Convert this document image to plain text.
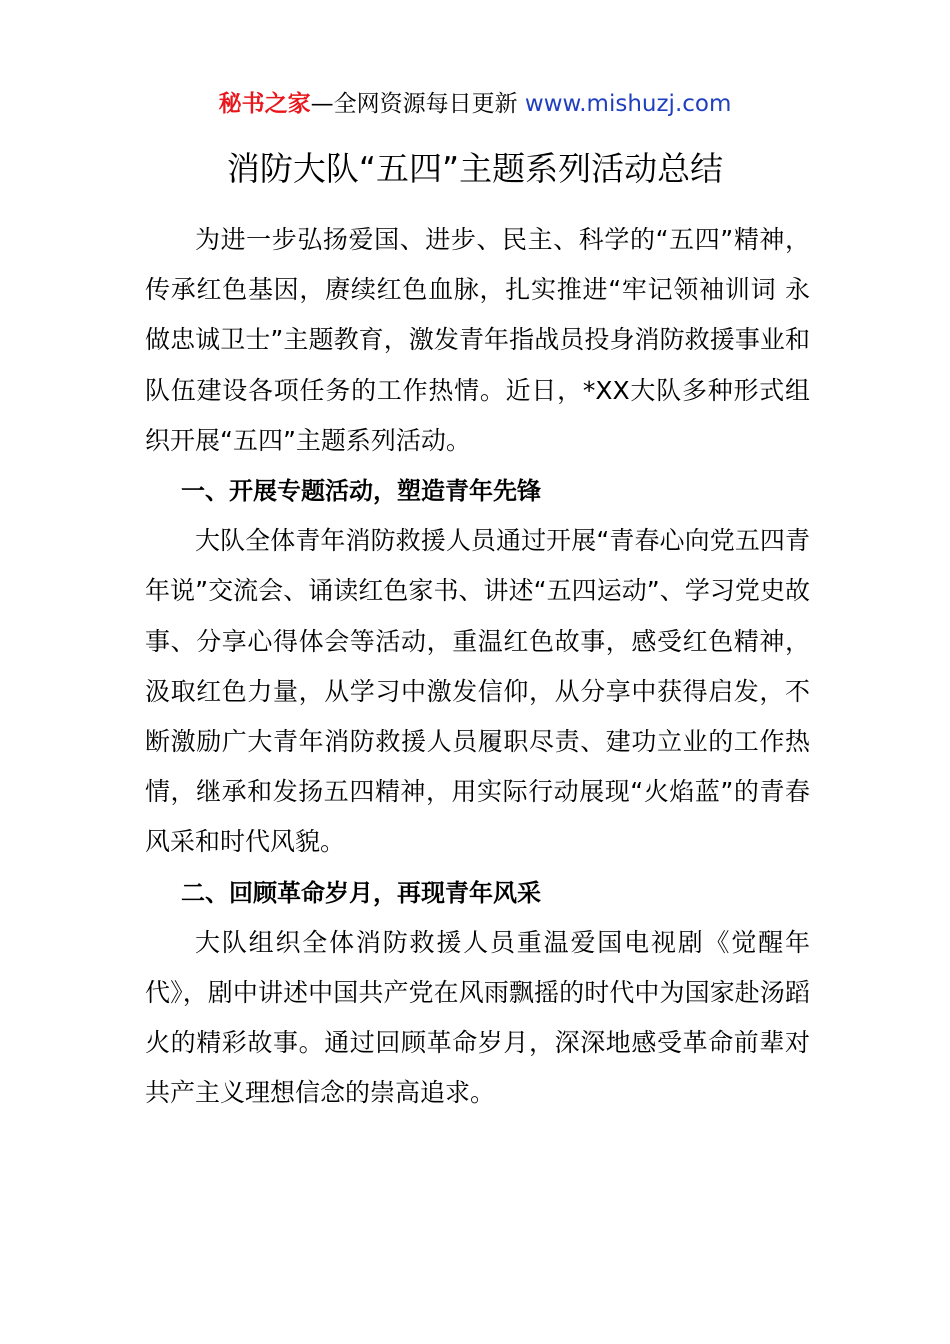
秘书之家—全网资源每日更新 www.mishuzj.com
消防大队“五四”主题系列活动总结

为进一步弘扬爱国、进步、民主、科学的“五四”精神，传承红色基因，赓续红色血脉，扎实推进“牢记领袖训词 永做忠诚卫士”主题教育，激发青年指战员投身消防救援事业和队伍建设各项任务的工作热情。近日，*XX大队多种形式组织开展“五四”主题系列活动。

一、开展专题活动，塑造青年先锋

大队全体青年消防救援人员通过开展“青春心向党五四青年说”交流会、诵读红色家书、讲述“五四运动”、学习党史故事、分享心得体会等活动，重温红色故事，感受红色精神，汲取红色力量，从学习中激发信仰，从分享中获得启发，不断激励广大青年消防救援人员履职尽责、建功立业的工作热情，继承和发扬五四精神，用实际行动展现“火焰蓝”的青春风采和时代风貌。

二、回顾革命岁月，再现青年风采

大队组织全体消防救援人员重温爱国电视剧《觉醒年代》，剧中讲述中国共产党在风雨飘摇的时代中为国家赴汤蹈火的精彩故事。通过回顾革命岁月，深深地感受革命前辈对共产主义理想信念的崇高追求。
